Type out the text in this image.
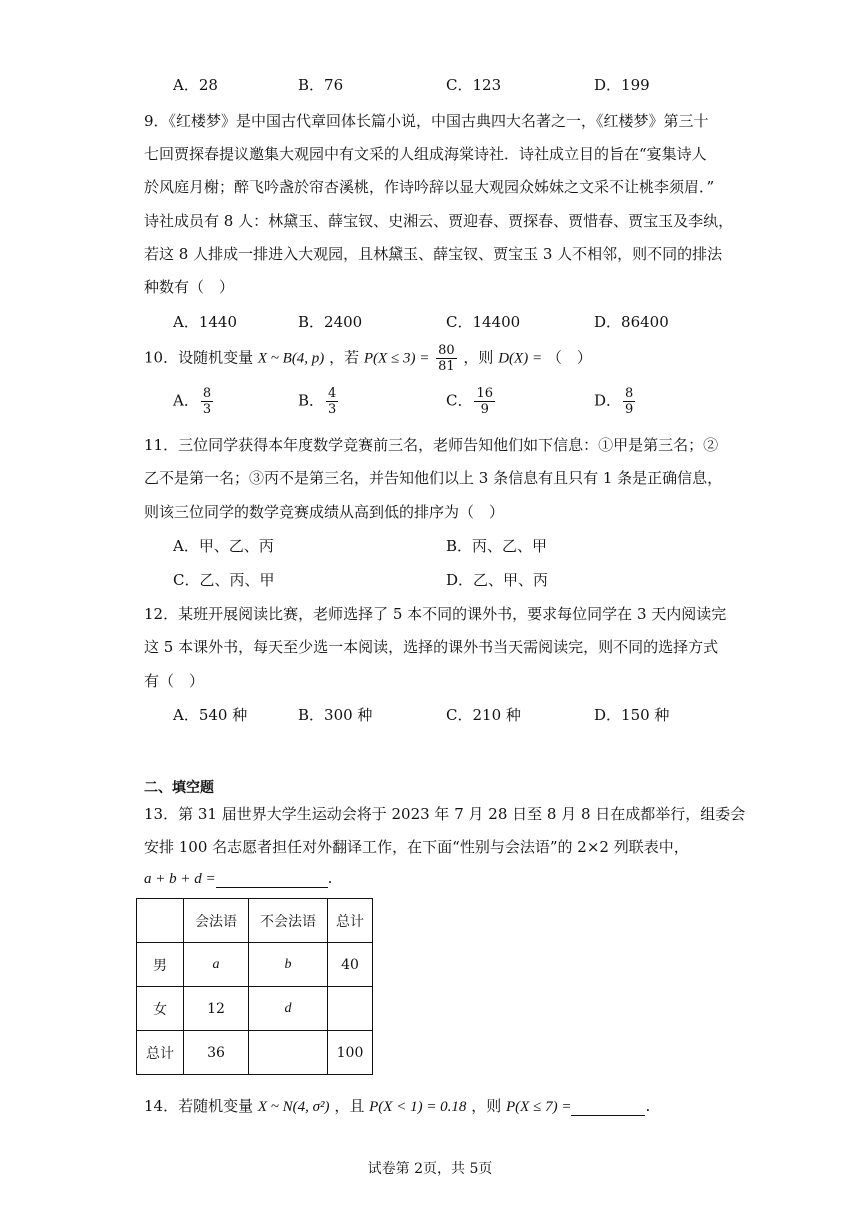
A．28	B．76	C．123	D．199
9．《红楼梦》是中国古代章回体长篇小说，中国古典四大名著之一，《红楼梦》第三十
七回贾探春提议邀集大观园中有文采的人组成海棠诗社．诗社成立目的旨在“宴集诗人
於风庭月榭；醉飞吟盏於帘杏溪桃，作诗吟辞以显大观园众姊妹之文采不让桃李须眉．”
诗社成员有 8 人：林黛玉、薛宝钗、史湘云、贾迎春、贾探春、贾惜春、贾宝玉及李纨，
若这 8 人排成一排进入大观园，且林黛玉、薛宝钗、贾宝玉 3 人不相邻，则不同的排法
种数有（　）
A．1440	B．2400	C．14400	D．86400
10．设随机变量 X ~ B(4, p) ，若 $P(X \le 3) = \frac{80}{81}$ ，则 D(X) = （　）
A． $\frac{8}{3}$	B． $\frac{4}{3}$	C． $\frac{16}{9}$	D． $\frac{8}{9}$
11．三位同学获得本年度数学竞赛前三名，老师告知他们如下信息：①甲是第三名；②
乙不是第一名；③丙不是第三名，并告知他们以上 3 条信息有且只有 1 条是正确信息，
则该三位同学的数学竞赛成绩从高到低的排序为（　）
A．甲、乙、丙	B．丙、乙、甲
C．乙、丙、甲	D．乙、甲、丙
12．某班开展阅读比赛，老师选择了 5 本不同的课外书，要求每位同学在 3 天内阅读完
这 5 本课外书，每天至少选一本阅读，选择的课外书当天需阅读完，则不同的选择方式
有（　）
A．540 种	B．300 种	C．210 种	D．150 种
二、填空题
13．第 31 届世界大学生运动会将于 2023 年 7 月 28 日至 8 月 8 日在成都举行，组委会
安排 100 名志愿者担任对外翻译工作，在下面“性别与会法语”的 2×2 列联表中，
a + b + d =	.
	会法语	不会法语	总计
男	a	b	40
女	12	d	
总计	36		100
14．若随机变量 X ~ N(4, σ²) ，且 P(X < 1) = 0.18 ，则 P(X ≤ 7) =	.
试卷第 2页，共 5页
